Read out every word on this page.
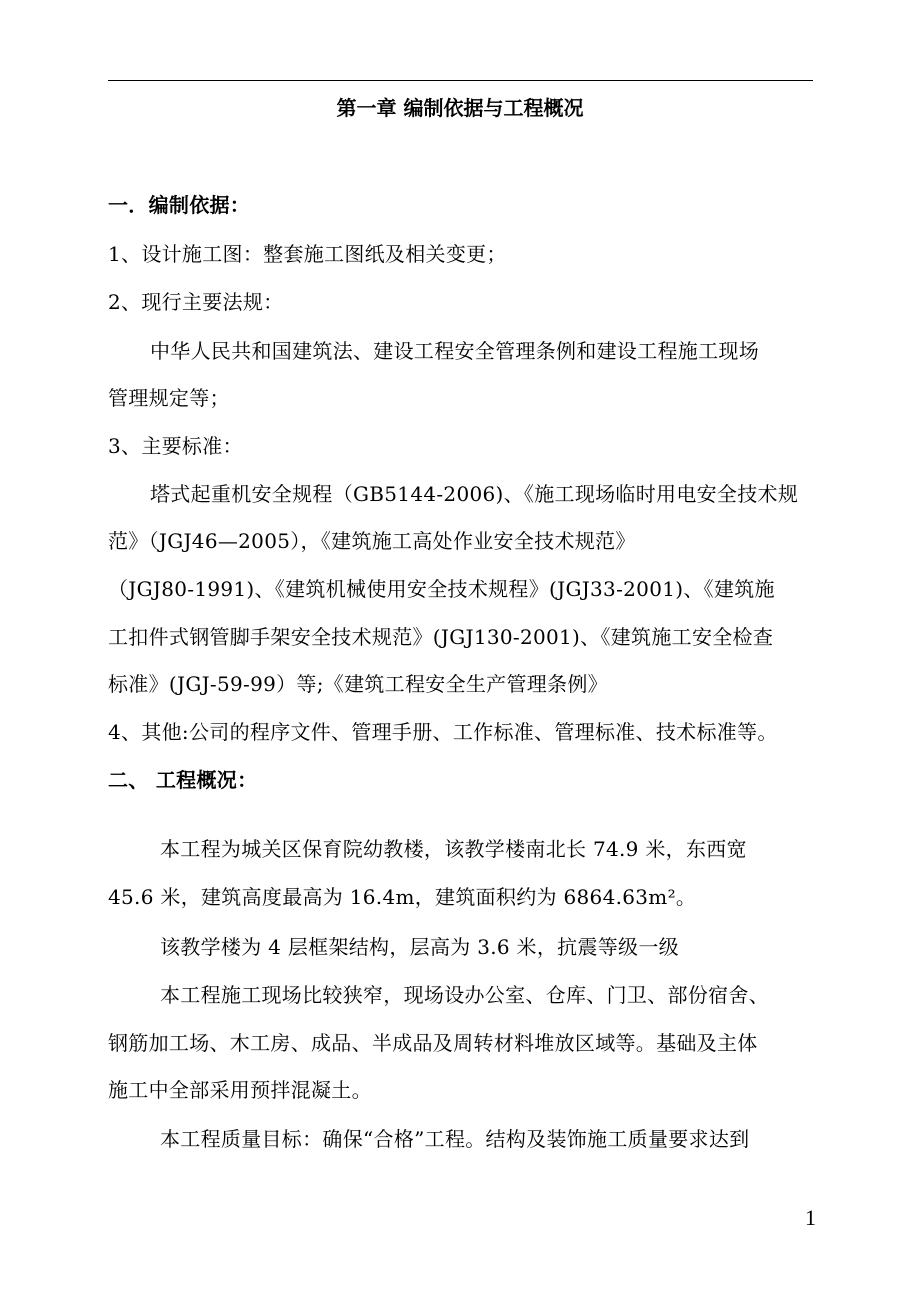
第一章 编制依据与工程概况
一．编制依据：
1、设计施工图：整套施工图纸及相关变更；
2、现行主要法规：
中华人民共和国建筑法、建设工程安全管理条例和建设工程施工现场
管理规定等；
3、主要标准：
塔式起重机安全规程（GB5144-2006)、《施工现场临时用电安全技术规
范》（JGJ46—2005），《建筑施工高处作业安全技术规范》
（JGJ80-1991)、《建筑机械使用安全技术规程》(JGJ33-2001)、《建筑施
工扣件式钢管脚手架安全技术规范》(JGJ130-2001)、《建筑施工安全检查
标准》(JGJ-59-99）等;《建筑工程安全生产管理条例》
4、其他:公司的程序文件、管理手册、工作标准、管理标准、技术标准等。
二、 工程概况：
本工程为城关区保育院幼教楼，该教学楼南北长 74.9 米，东西宽
45.6 米，建筑高度最高为 16.4m，建筑面积约为 6864.63m²。
该教学楼为 4 层框架结构，层高为 3.6 米，抗震等级一级
本工程施工现场比较狭窄，现场设办公室、仓库、门卫、部份宿舍、
钢筋加工场、木工房、成品、半成品及周转材料堆放区域等。基础及主体
施工中全部采用预拌混凝土。
本工程质量目标：确保“合格”工程。结构及装饰施工质量要求达到
1
